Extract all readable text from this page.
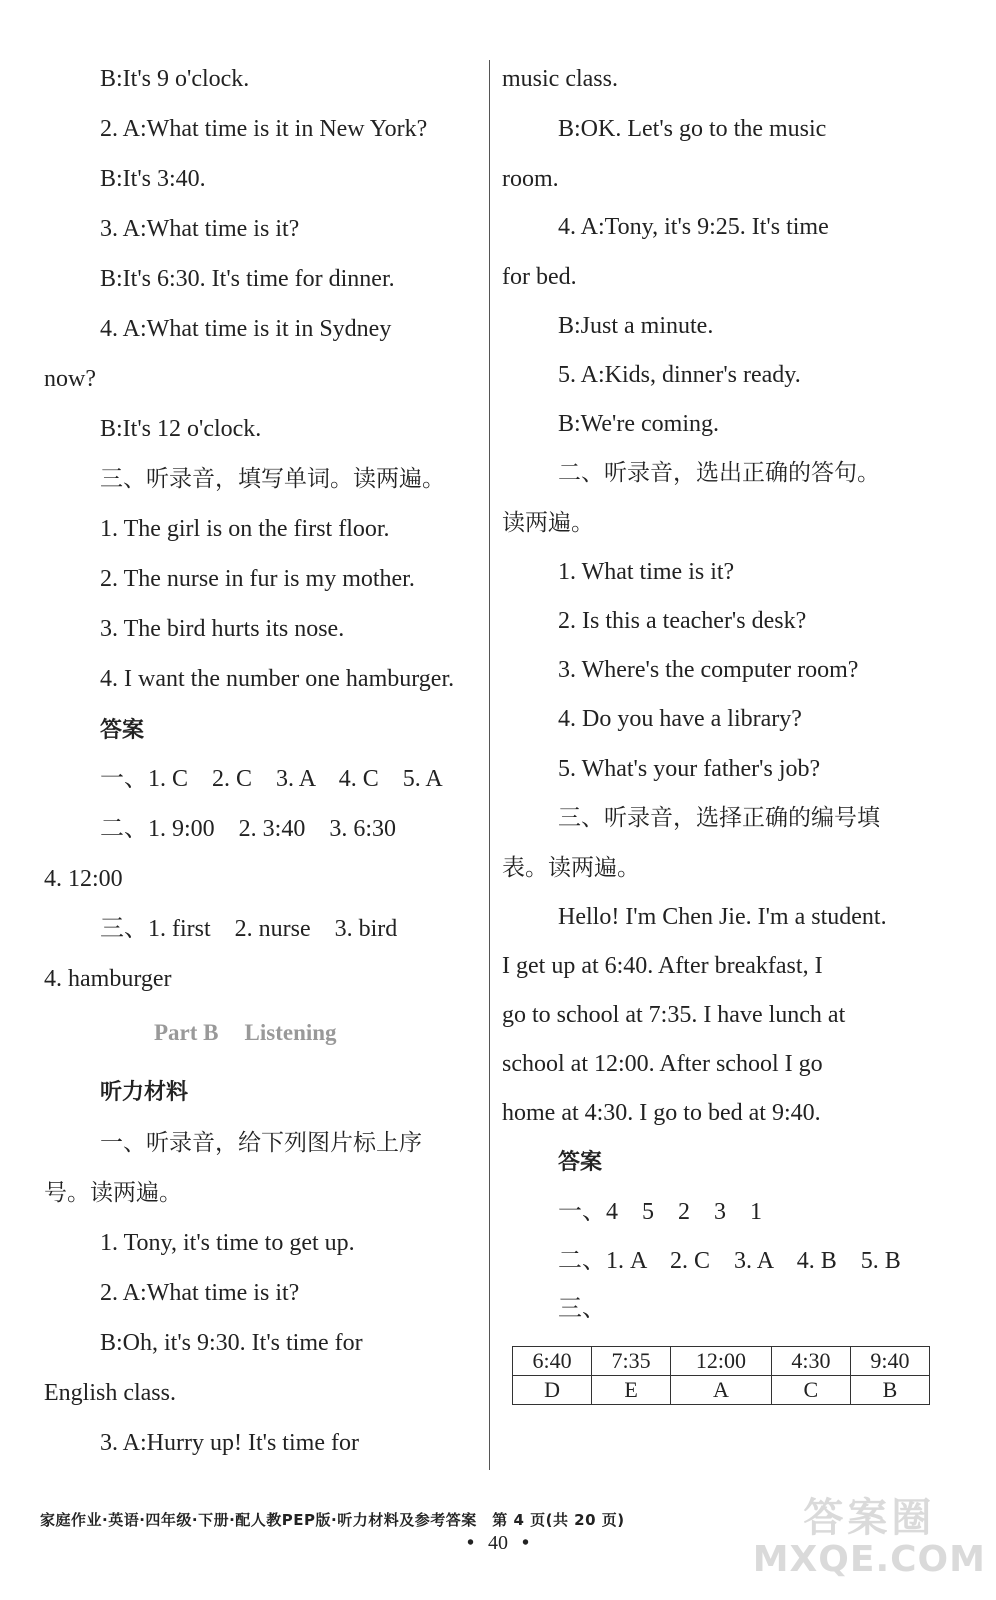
B:It's 9 o'clock.
2. A:What time is it in New York?
B:It's 3:40.
3. A:What time is it?
B:It's 6:30. It's time for dinner.
4. A:What time is it in Sydney
now?
B:It's 12 o'clock.
三、听录音，填写单词。读两遍。
1. The girl is on the first floor.
2. The nurse in fur is my mother.
3. The bird hurts its nose.
4. I want the number one hamburger.
答案
一、1. C　2. C　3. A　4. C　5. A
二、1. 9:00　2. 3:40　3. 6:30
4. 12:00
三、1. first　2. nurse　3. bird
4. hamburger
Part B Listening
听力材料
一、听录音，给下列图片标上序
号。读两遍。
1. Tony, it's time to get up.
2. A:What time is it?
B:Oh, it's 9:30. It's time for
English class.
3. A:Hurry up! It's time for
music class.
B:OK. Let's go to the music
room.
4. A:Tony, it's 9:25. It's time
for bed.
B:Just a minute.
5. A:Kids, dinner's ready.
B:We're coming.
二、听录音，选出正确的答句。
读两遍。
1. What time is it?
2. Is this a teacher's desk?
3. Where's the computer room?
4. Do you have a library?
5. What's your father's job?
三、听录音，选择正确的编号填
表。读两遍。
Hello! I'm Chen Jie. I'm a student.
I get up at 6:40. After breakfast, I
go to school at 7:35. I have lunch at
school at 12:00. After school I go
home at 4:30. I go to bed at 9:40.
答案
一、4　5　2　3　1
二、1. A　2. C　3. A　4. B　5. B
三、
6:40	7:35	12:00	4:30	9:40
D	E	A	C	B
家庭作业·英语·四年级·下册·配人教PEP版·听力材料及参考答案　第 4 页(共 20 页)
• 40 •
答案圈
MXQE.COM
